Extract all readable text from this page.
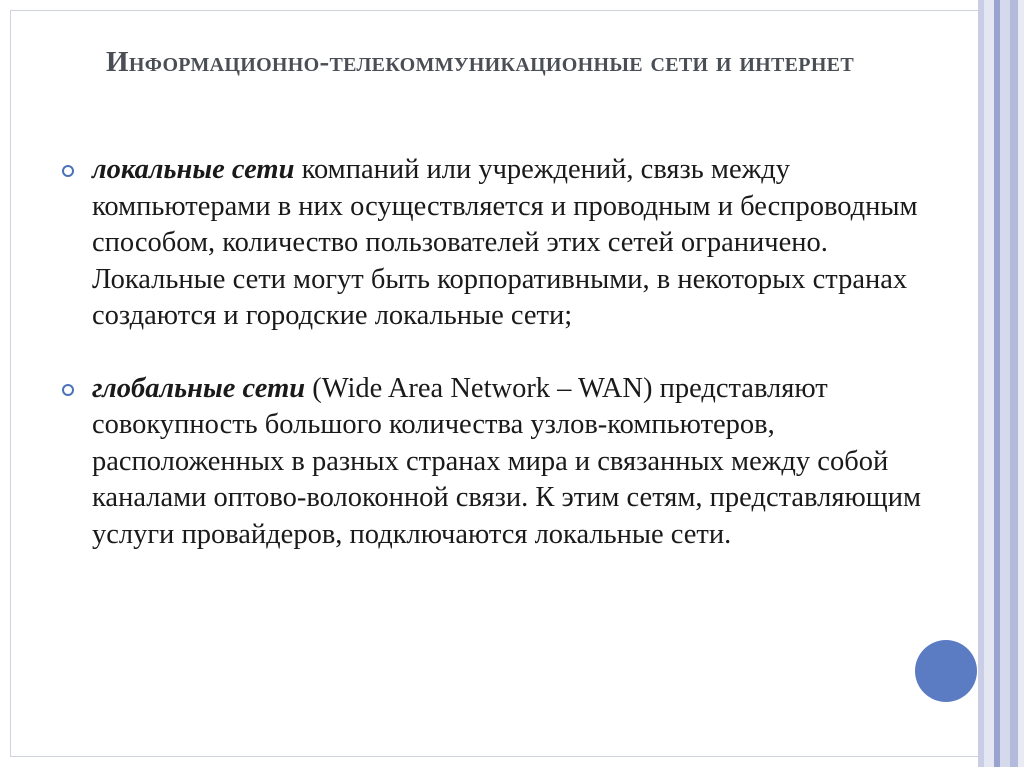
Информационно-телекоммуникационные сети и интернет
локальные сети компаний или учреждений, связь между компьютерами в них осуществляется и проводным и беспроводным способом, количество пользователей этих сетей ограничено. Локальные сети могут быть корпоративными, в некоторых странах создаются и городские локальные сети;
глобальные сети (Wide Area Network – WAN) представляют совокупность большого количества узлов-компьютеров, расположенных в разных странах мира и связанных между собой каналами оптово-волоконной связи. К этим сетям, представляющим услуги провайдеров, подключаются локальные сети.
